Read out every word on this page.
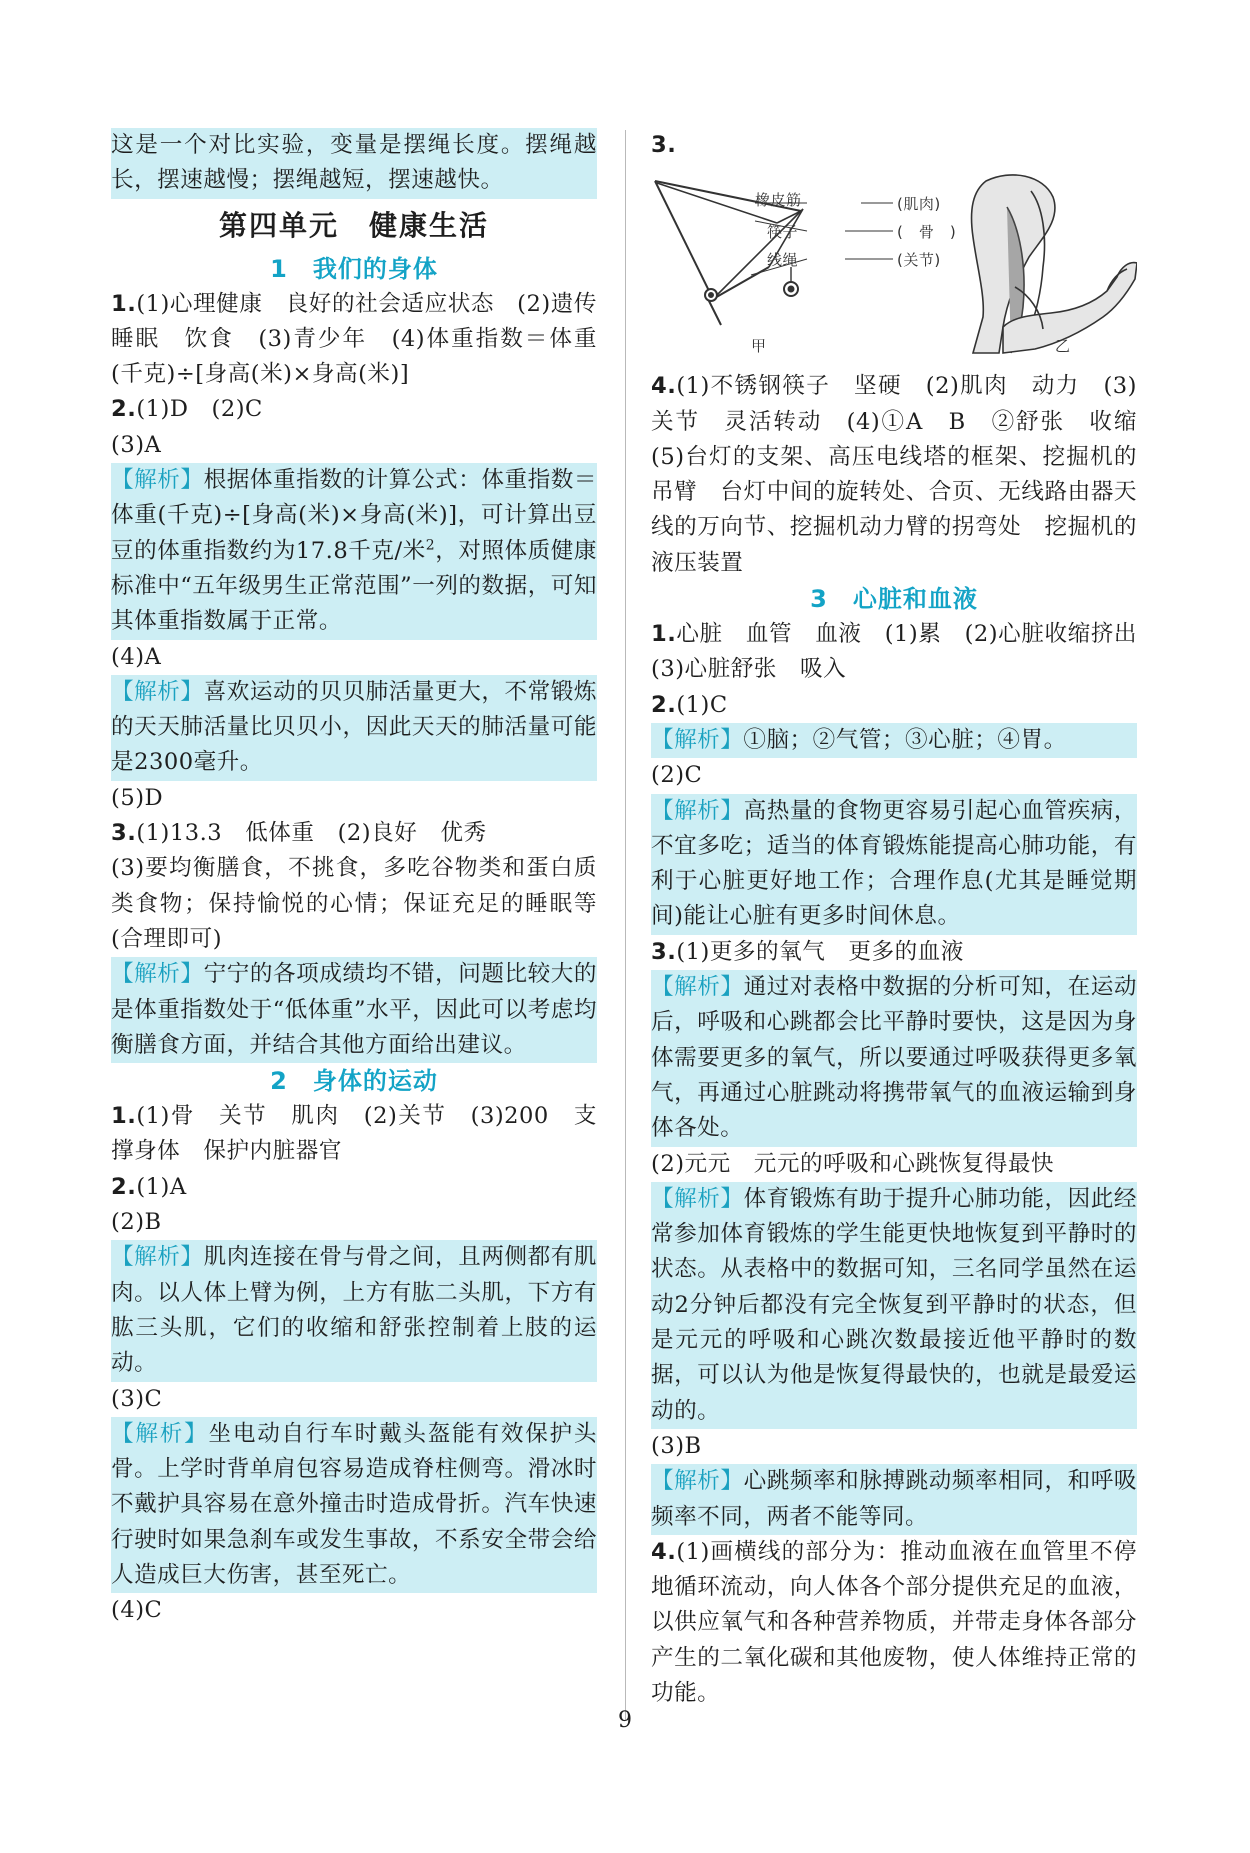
这是一个对比实验，变量是摆绳长度。摆绳越长，摆速越慢；摆绳越短，摆速越快。

第四单元　健康生活
1　我们的身体

1.(1)心理健康　良好的社会适应状态　(2)遗传　睡眠　饮食　(3)青少年　(4)体重指数＝体重(千克)÷[身高(米)×身高(米)]

2.(1)D　(2)C

(3)A

【解析】根据体重指数的计算公式：体重指数＝体重(千克)÷[身高(米)×身高(米)]，可计算出豆豆的体重指数约为17.8千克/米$^2$，对照体质健康标准中“五年级男生正常范围”一列的数据，可知其体重指数属于正常。

(4)A

【解析】喜欢运动的贝贝肺活量更大，不常锻炼的天天肺活量比贝贝小，因此天天的肺活量可能是2300毫升。

(5)D

3.(1)13.3　低体重　(2)良好　优秀

(3)要均衡膳食，不挑食，多吃谷物类和蛋白质类食物；保持愉悦的心情；保证充足的睡眠等(合理即可)

【解析】宁宁的各项成绩均不错，问题比较大的是体重指数处于“低体重”水平，因此可以考虑均衡膳食方面，并结合其他方面给出建议。

2　身体的运动

1.(1)骨　关节　肌肉　(2)关节　(3)200　支撑身体　保护内脏器官

2.(1)A

(2)B

【解析】肌肉连接在骨与骨之间，且两侧都有肌肉。以人体上臂为例，上方有肱二头肌，下方有肱三头肌，它们的收缩和舒张控制着上肢的运动。

(3)C

【解析】坐电动自行车时戴头盔能有效保护头骨。上学时背单肩包容易造成脊柱侧弯。滑冰时不戴护具容易在意外撞击时造成骨折。汽车快速行驶时如果急刹车或发生事故，不系安全带会给人造成巨大伤害，甚至死亡。

(4)C

3.

橡皮筋
筷子
线绳
(肌肉)
(　骨　)
(关节)
甲	乙

4.(1)不锈钢筷子　坚硬　(2)肌肉　动力　(3)关节　灵活转动　(4)①A　B　②舒张　收缩　(5)台灯的支架、高压电线塔的框架、挖掘机的吊臂　台灯中间的旋转处、合页、无线路由器天线的万向节、挖掘机动力臂的拐弯处　挖掘机的液压装置

3　心脏和血液

1.心脏　血管　血液　(1)累　(2)心脏收缩挤出　(3)心脏舒张　吸入

2.(1)C

【解析】①脑；②气管；③心脏；④胃。

(2)C

【解析】高热量的食物更容易引起心血管疾病，不宜多吃；适当的体育锻炼能提高心肺功能，有利于心脏更好地工作；合理作息(尤其是睡觉期间)能让心脏有更多时间休息。

3.(1)更多的氧气　更多的血液

【解析】通过对表格中数据的分析可知，在运动后，呼吸和心跳都会比平静时要快，这是因为身体需要更多的氧气，所以要通过呼吸获得更多氧气，再通过心脏跳动将携带氧气的血液运输到身体各处。

(2)元元　元元的呼吸和心跳恢复得最快

【解析】体育锻炼有助于提升心肺功能，因此经常参加体育锻炼的学生能更快地恢复到平静时的状态。从表格中的数据可知，三名同学虽然在运动2分钟后都没有完全恢复到平静时的状态，但是元元的呼吸和心跳次数最接近他平静时的数据，可以认为他是恢复得最快的，也就是最爱运动的。

(3)B

【解析】心跳频率和脉搏跳动频率相同，和呼吸频率不同，两者不能等同。

4.(1)画横线的部分为：推动血液在血管里不停地循环流动，向人体各个部分提供充足的血液，以供应氧气和各种营养物质，并带走身体各部分产生的二氧化碳和其他废物，使人体维持正常的功能。

9
